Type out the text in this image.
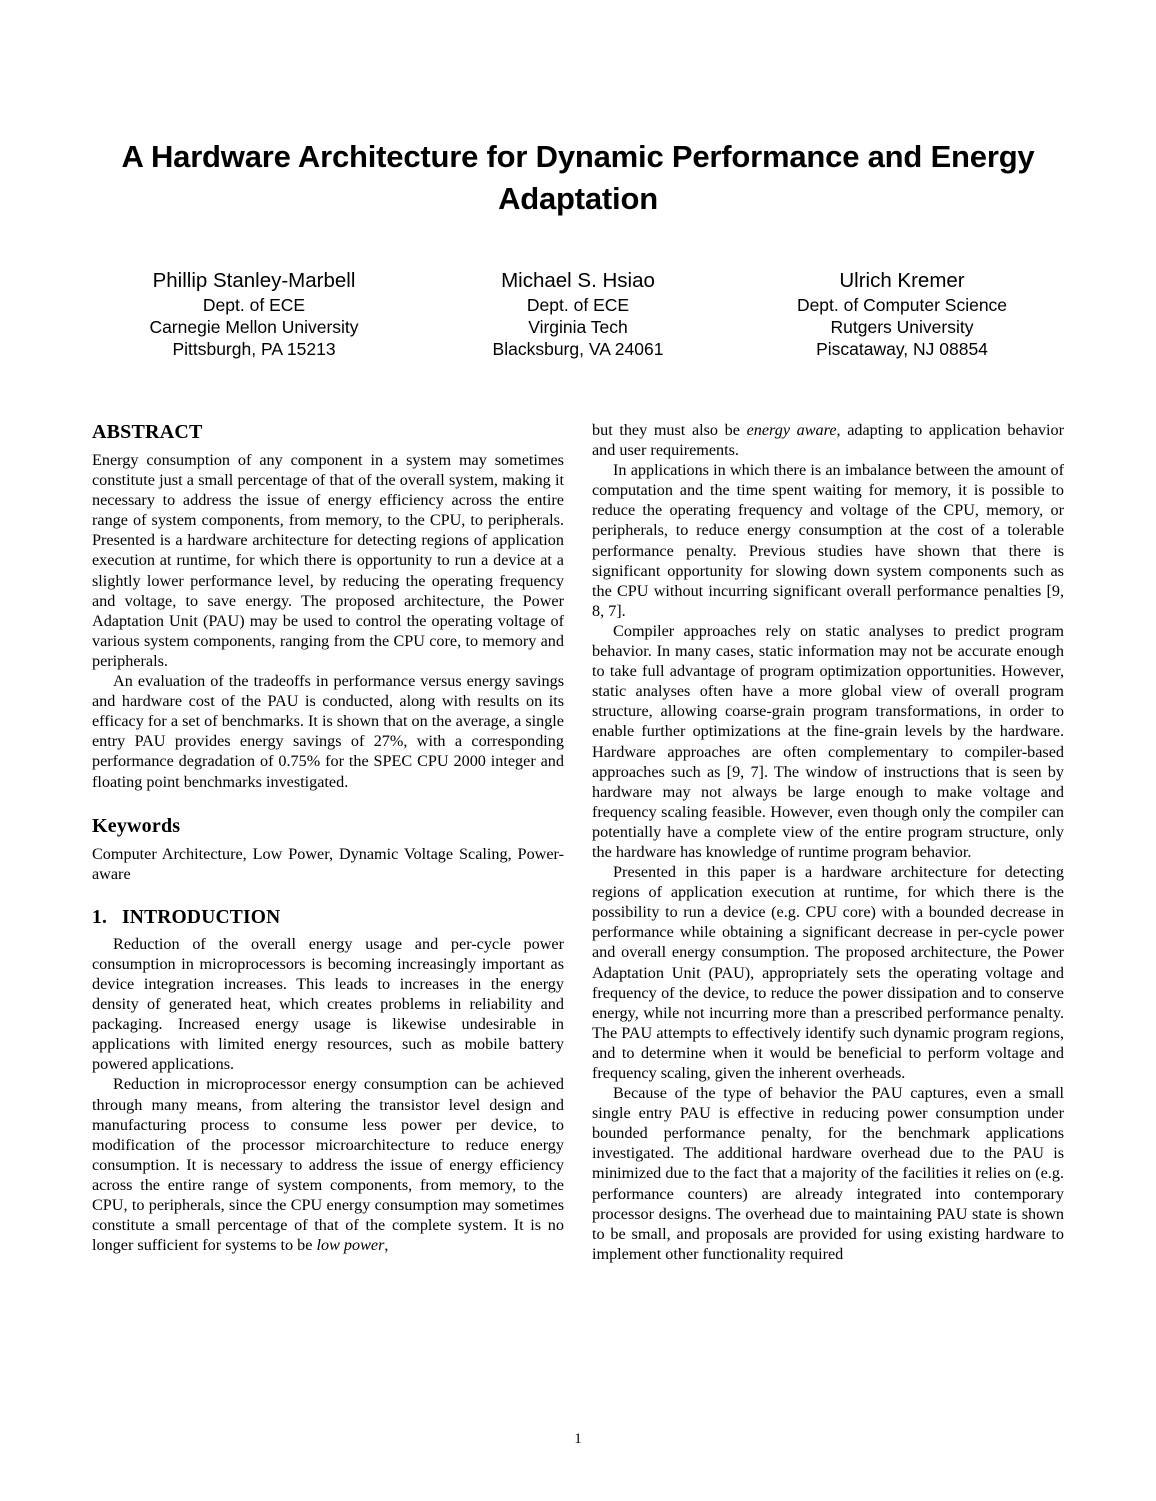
A Hardware Architecture for Dynamic Performance and Energy Adaptation
Phillip Stanley-Marbell
Dept. of ECE
Carnegie Mellon University
Pittsburgh, PA 15213
Michael S. Hsiao
Dept. of ECE
Virginia Tech
Blacksburg, VA 24061
Ulrich Kremer
Dept. of Computer Science
Rutgers University
Piscataway, NJ 08854
ABSTRACT

Energy consumption of any component in a system may sometimes constitute just a small percentage of that of the overall system, making it necessary to address the issue of energy efficiency across the entire range of system components, from memory, to the CPU, to peripherals. Presented is a hardware architecture for detecting regions of application execution at runtime, for which there is opportunity to run a device at a slightly lower performance level, by reducing the operating frequency and voltage, to save energy. The proposed architecture, the Power Adaptation Unit (PAU) may be used to control the operating voltage of various system components, ranging from the CPU core, to memory and peripherals.

An evaluation of the tradeoffs in performance versus energy savings and hardware cost of the PAU is conducted, along with results on its efficacy for a set of benchmarks. It is shown that on the average, a single entry PAU provides energy savings of 27%, with a corresponding performance degradation of 0.75% for the SPEC CPU 2000 integer and floating point benchmarks investigated.

Keywords

Computer Architecture, Low Power, Dynamic Voltage Scaling, Power-aware

1. INTRODUCTION

Reduction of the overall energy usage and per-cycle power consumption in microprocessors is becoming increasingly important as device integration increases. This leads to increases in the energy density of generated heat, which creates problems in reliability and packaging. Increased energy usage is likewise undesirable in applications with limited energy resources, such as mobile battery powered applications.

Reduction in microprocessor energy consumption can be achieved through many means, from altering the transistor level design and manufacturing process to consume less power per device, to modification of the processor microarchitecture to reduce energy consumption. It is necessary to address the issue of energy efficiency across the entire range of system components, from memory, to the CPU, to peripherals, since the CPU energy consumption may sometimes constitute a small percentage of that of the complete system. It is no longer sufficient for systems to be low power,

but they must also be energy aware, adapting to application behavior and user requirements.

In applications in which there is an imbalance between the amount of computation and the time spent waiting for memory, it is possible to reduce the operating frequency and voltage of the CPU, memory, or peripherals, to reduce energy consumption at the cost of a tolerable performance penalty. Previous studies have shown that there is significant opportunity for slowing down system components such as the CPU without incurring significant overall performance penalties [9, 8, 7].

Compiler approaches rely on static analyses to predict program behavior. In many cases, static information may not be accurate enough to take full advantage of program optimization opportunities. However, static analyses often have a more global view of overall program structure, allowing coarse-grain program transformations, in order to enable further optimizations at the fine-grain levels by the hardware. Hardware approaches are often complementary to compiler-based approaches such as [9, 7]. The window of instructions that is seen by hardware may not always be large enough to make voltage and frequency scaling feasible. However, even though only the compiler can potentially have a complete view of the entire program structure, only the hardware has knowledge of runtime program behavior.

Presented in this paper is a hardware architecture for detecting regions of application execution at runtime, for which there is the possibility to run a device (e.g. CPU core) with a bounded decrease in performance while obtaining a significant decrease in per-cycle power and overall energy consumption. The proposed architecture, the Power Adaptation Unit (PAU), appropriately sets the operating voltage and frequency of the device, to reduce the power dissipation and to conserve energy, while not incurring more than a prescribed performance penalty. The PAU attempts to effectively identify such dynamic program regions, and to determine when it would be beneficial to perform voltage and frequency scaling, given the inherent overheads.

Because of the type of behavior the PAU captures, even a small single entry PAU is effective in reducing power consumption under bounded performance penalty, for the benchmark applications investigated. The additional hardware overhead due to the PAU is minimized due to the fact that a majority of the facilities it relies on (e.g. performance counters) are already integrated into contemporary processor designs. The overhead due to maintaining PAU state is shown to be small, and proposals are provided for using existing hardware to implement other functionality required

1
